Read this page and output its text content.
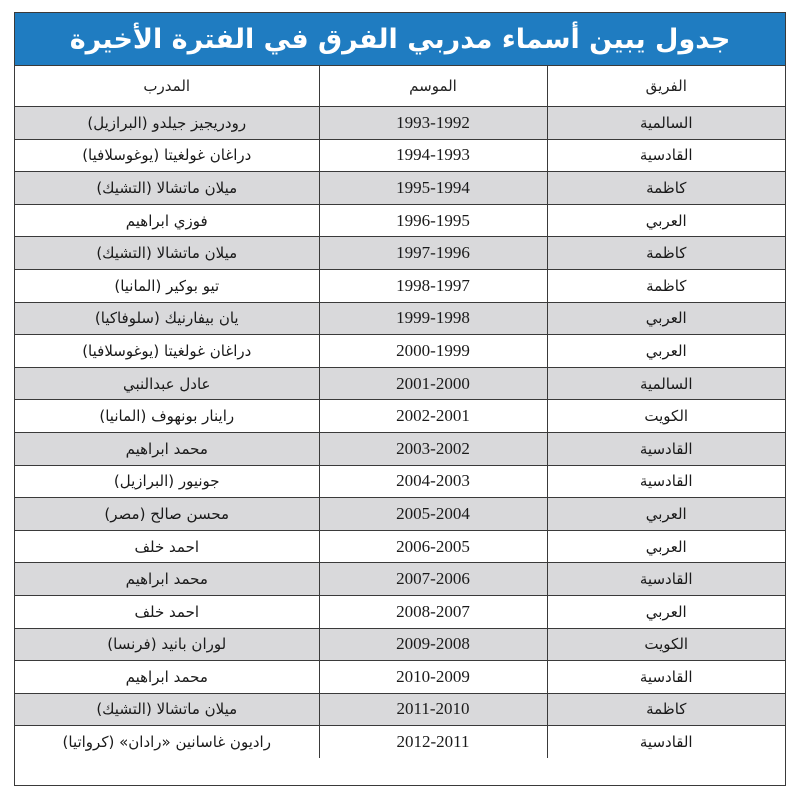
جدول يبين أسماء مدربي الفرق في الفترة الأخيرة
الفريق	الموسم	المدرب
السالمية	1993-1992	رودريجيز جيلدو (البرازيل)
القادسية	1994-1993	دراغان غولغيتا (يوغوسلافيا)
كاظمة	1995-1994	ميلان ماتشالا (التشيك)
العربي	1996-1995	فوزي ابراهيم
كاظمة	1997-1996	ميلان ماتشالا (التشيك)
كاظمة	1998-1997	تيو بوكير (المانيا)
العربي	1999-1998	يان بيفارنيك (سلوفاكيا)
العربي	2000-1999	دراغان غولغيتا (يوغوسلافيا)
السالمية	2001-2000	عادل عبدالنبي
الكويت	2002-2001	راينار بونهوف (المانيا)
القادسية	2003-2002	محمد ابراهيم
القادسية	2004-2003	جونيور (البرازيل)
العربي	2005-2004	محسن صالح (مصر)
العربي	2006-2005	احمد خلف
القادسية	2007-2006	محمد ابراهيم
العربي	2008-2007	احمد خلف
الكويت	2009-2008	لوران بانيد (فرنسا)
القادسية	2010-2009	محمد ابراهيم
كاظمة	2011-2010	ميلان ماتشالا (التشيك)
القادسية	2012-2011	راديون غاسانين «رادان» (كرواتيا)
